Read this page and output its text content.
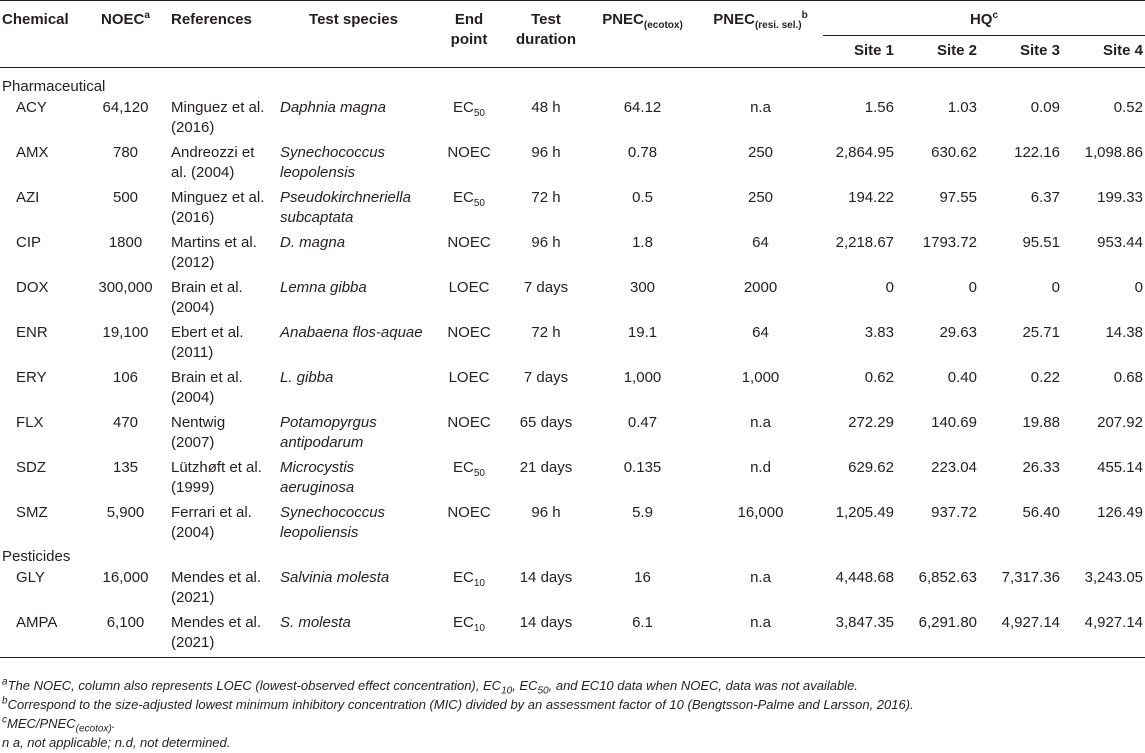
Chemical	NOEC$^a$	References	Test species	End point	Test duration	$PNEC_{(ecotox)}$	$PNEC_{(resi. sel.)}^b$	$HQ^c$
								Site 1	Site 2	Site 3	Site 4
Pharmaceutical											
ACY	64,120	Minguez et al. (2016)	Daphnia magna	$EC_{50}$	48 h	64.12	n.a	1.56	1.03	0.09	0.52
AMX	780	Andreozzi et al. (2004)	Synechococcus leopolensis	NOEC	96 h	0.78	250	2,864.95	630.62	122.16	1,098.86
AZI	500	Minguez et al. (2016)	Pseudokirchneriella subcaptata	$EC_{50}$	72 h	0.5	250	194.22	97.55	6.37	199.33
CIP	1800	Martins et al. (2012)	D. magna	NOEC	96 h	1.8	64	2,218.67	1793.72	95.51	953.44
DOX	300,000	Brain et al. (2004)	Lemna gibba	LOEC	7 days	300	2000	0	0	0	0
ENR	19,100	Ebert et al. (2011)	Anabaena flos-aquae	NOEC	72 h	19.1	64	3.83	29.63	25.71	14.38
ERY	106	Brain et al. (2004)	L. gibba	LOEC	7 days	1,000	1,000	0.62	0.40	0.22	0.68
FLX	470	Nentwig (2007)	Potamopyrgus antipodarum	NOEC	65 days	0.47	n.a	272.29	140.69	19.88	207.92
SDZ	135	Lützhøft et al. (1999)	Microcystis aeruginosa	$EC_{50}$	21 days	0.135	n.d	629.62	223.04	26.33	455.14
SMZ	5,900	Ferrari et al. (2004)	Synechococcus leopoliensis	NOEC	96 h	5.9	16,000	1,205.49	937.72	56.40	126.49
Pesticides											
GLY	16,000	Mendes et al. (2021)	Salvinia molesta	$EC_{10}$	14 days	16	n.a	4,448.68	6,852.63	7,317.36	3,243.05
AMPA	6,100	Mendes et al. (2021)	S. molesta	$EC_{10}$	14 days	6.1	n.a	3,847.35	6,291.80	4,927.14	4,927.14

$^a$The NOEC, column also represents LOEC (lowest-observed effect concentration), $EC_{10}$, $EC_{50}$, and EC10 data when NOEC, data was not available.

$^b$Correspond to the size-adjusted lowest minimum inhibitory concentration (MIC) divided by an assessment factor of 10 (Bengtsson-Palme and Larsson, 2016).

$^cMEC/PNEC_{(ecotox)}$.

n a, not applicable; n.d, not determined.
